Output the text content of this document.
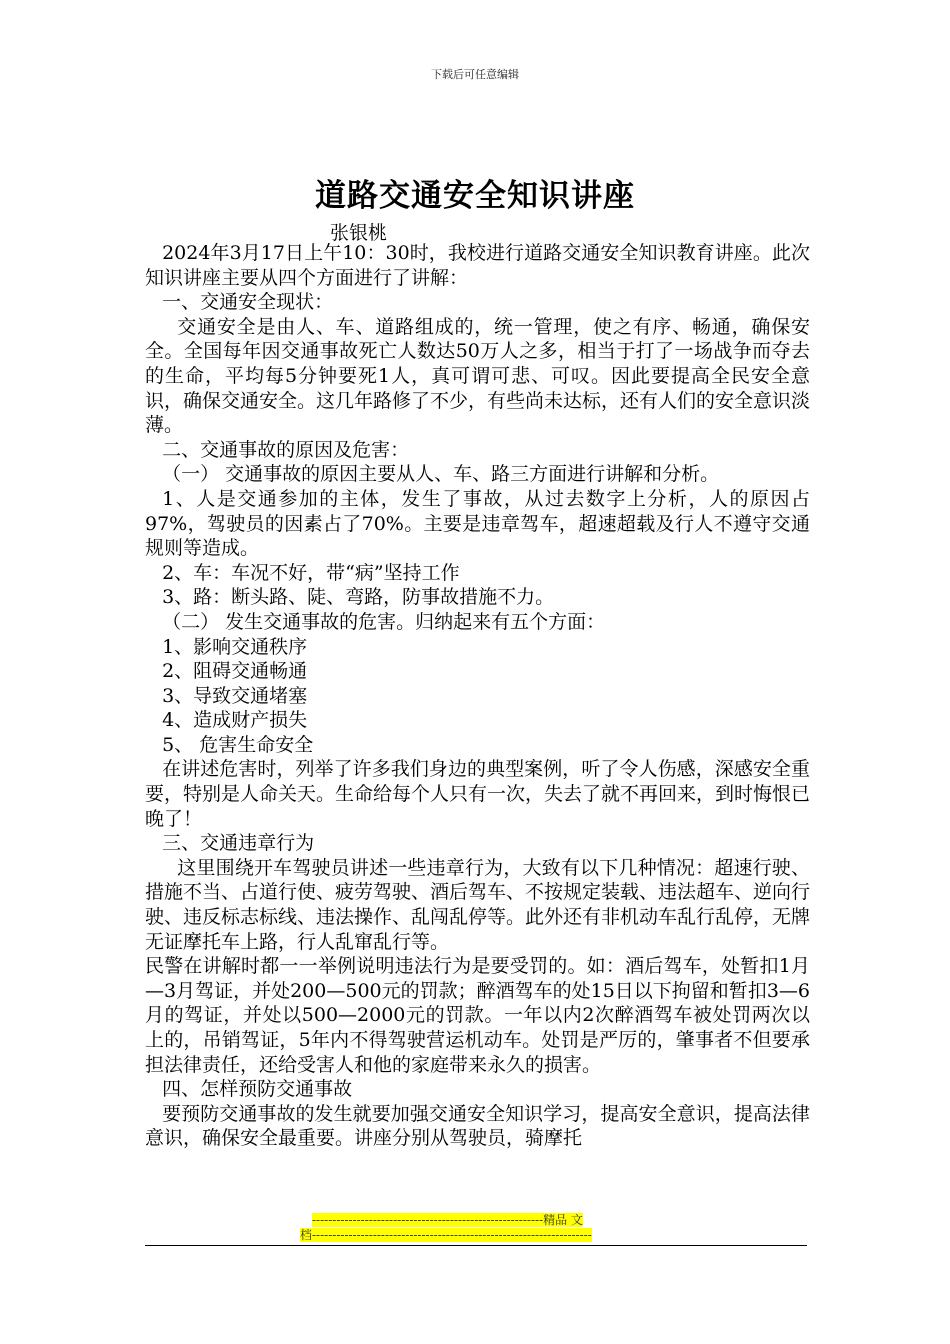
下载后可任意编辑
道路交通安全知识讲座
张银桃

2024年3月17日上午10：30时，我校进行道路交通安全知识教育讲座。此次知识讲座主要从四个方面进行了讲解：

一、交通安全现状：

交通安全是由人、车、道路组成的，统一管理，使之有序、畅通，确保安全。全国每年因交通事故死亡人数达50万人之多，相当于打了一场战争而夺去的生命，平均每5分钟要死1人，真可谓可悲、可叹。因此要提高全民安全意识，确保交通安全。这几年路修了不少，有些尚未达标，还有人们的安全意识淡薄。

二、交通事故的原因及危害：

（一） 交通事故的原因主要从人、车、路三方面进行讲解和分析。

1、人是交通参加的主体，发生了事故，从过去数字上分析，人的原因占97%，驾驶员的因素占了70%。主要是违章驾车，超速超载及行人不遵守交通规则等造成。

2、车：车况不好，带“病”坚持工作

3、路：断头路、陡、弯路，防事故措施不力。

（二） 发生交通事故的危害。归纳起来有五个方面：

1、影响交通秩序

2、阻碍交通畅通

3、导致交通堵塞

4、造成财产损失

5、 危害生命安全

在讲述危害时，列举了许多我们身边的典型案例，听了令人伤感，深感安全重要，特别是人命关天。生命给每个人只有一次，失去了就不再回来，到时悔恨已晚了！

三、交通违章行为

这里围绕开车驾驶员讲述一些违章行为，大致有以下几种情况：超速行驶、措施不当、占道行使、疲劳驾驶、酒后驾车、不按规定装载、违法超车、逆向行驶、违反标志标线、违法操作、乱闯乱停等。此外还有非机动车乱行乱停，无牌无证摩托车上路，行人乱窜乱行等。

民警在讲解时都一一举例说明违法行为是要受罚的。如：酒后驾车，处暂扣1月—3月驾证，并处200—500元的罚款；醉酒驾车的处15日以下拘留和暂扣3—6月的驾证，并处以500—2000元的罚款。一年以内2次醉酒驾车被处罚两次以上的，吊销驾证，5年内不得驾驶营运机动车。处罚是严厉的，肇事者不但要承担法律责任，还给受害人和他的家庭带来永久的损害。

四、怎样预防交通事故

要预防交通事故的发生就要加强交通安全知识学习，提高安全意识，提高法律意识，确保安全最重要。讲座分别从驾驶员，骑摩托

---------------------------------------------------------精品 文
档---------------------------------------------------------------------
